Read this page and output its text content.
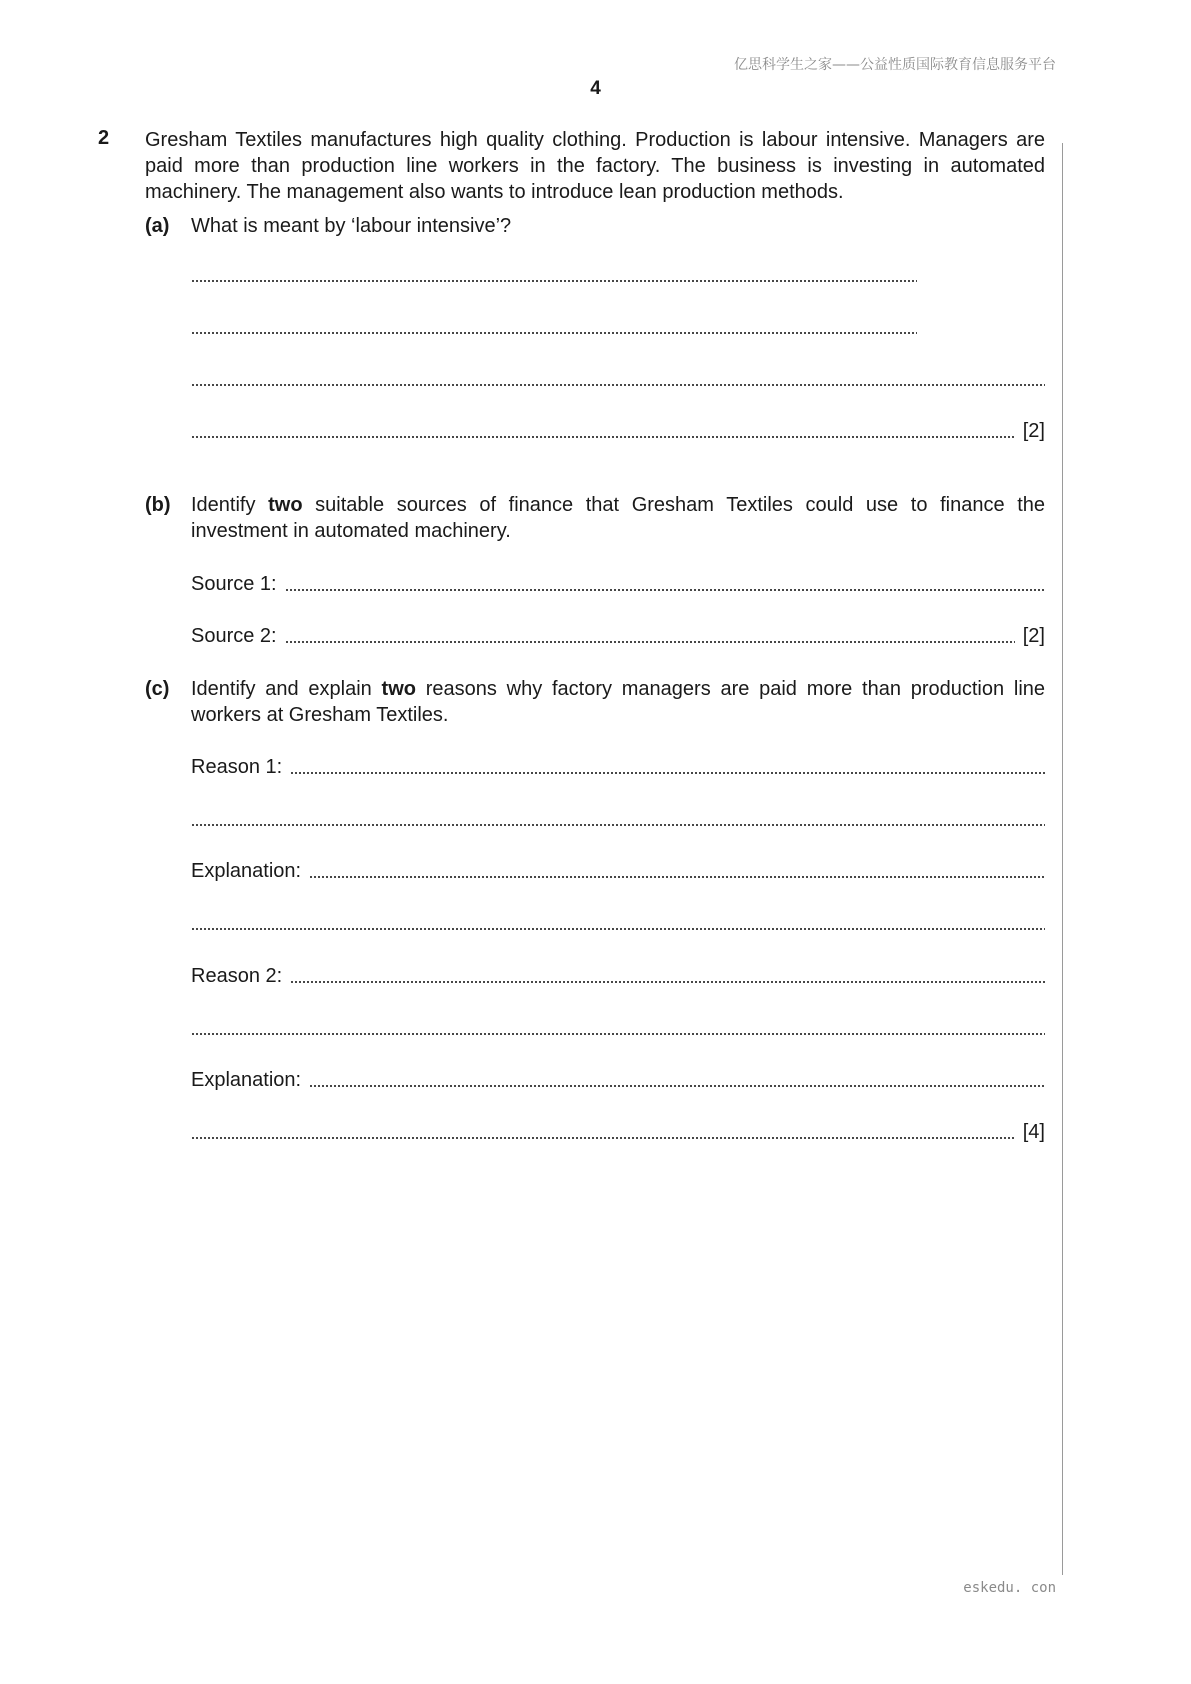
亿思科学生之家——公益性质国际教育信息服务平台
4
2 Gresham Textiles manufactures high quality clothing. Production is labour intensive. Managers are paid more than production line workers in the factory. The business is investing in automated machinery. The management also wants to introduce lean production methods.
(a) What is meant by ‘labour intensive’?
[2]
(b) Identify two suitable sources of finance that Gresham Textiles could use to finance the investment in automated machinery.
Source 1:
Source 2:	[2]
(c) Identify and explain two reasons why factory managers are paid more than production line workers at Gresham Textiles.
Reason 1:
Explanation:
Reason 2:
Explanation:
[4]
eskedu. con
